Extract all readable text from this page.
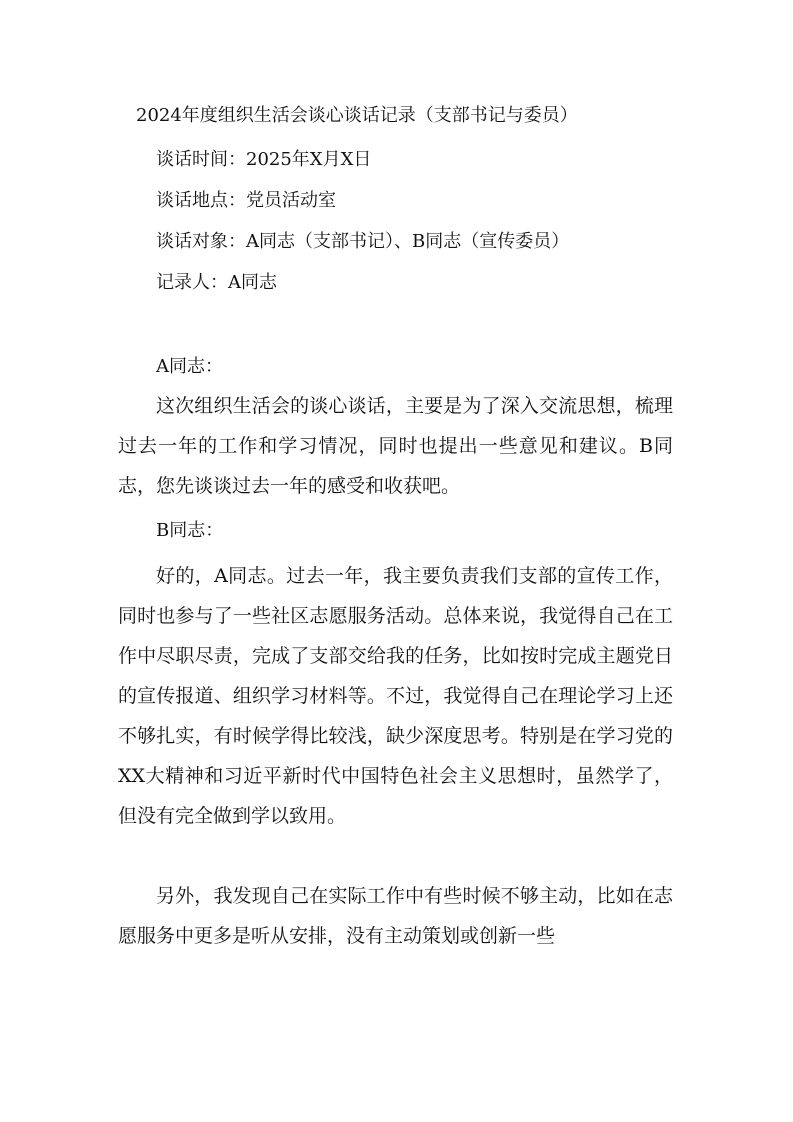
2024年度组织生活会谈心谈话记录（支部书记与委员）
谈话时间：2025年X月X日
谈话地点：党员活动室
谈话对象：A同志（支部书记）、B同志（宣传委员）
记录人：A同志
A同志：
这次组织生活会的谈心谈话，主要是为了深入交流思想，梳理过去一年的工作和学习情况，同时也提出一些意见和建议。B同志，您先谈谈过去一年的感受和收获吧。
B同志：
好的，A同志。过去一年，我主要负责我们支部的宣传工作，同时也参与了一些社区志愿服务活动。总体来说，我觉得自己在工作中尽职尽责，完成了支部交给我的任务，比如按时完成主题党日的宣传报道、组织学习材料等。不过，我觉得自己在理论学习上还不够扎实，有时候学得比较浅，缺少深度思考。特别是在学习党的XX大精神和习近平新时代中国特色社会主义思想时，虽然学了，但没有完全做到学以致用。
另外，我发现自己在实际工作中有些时候不够主动，比如在志愿服务中更多是听从安排，没有主动策划或创新一些
